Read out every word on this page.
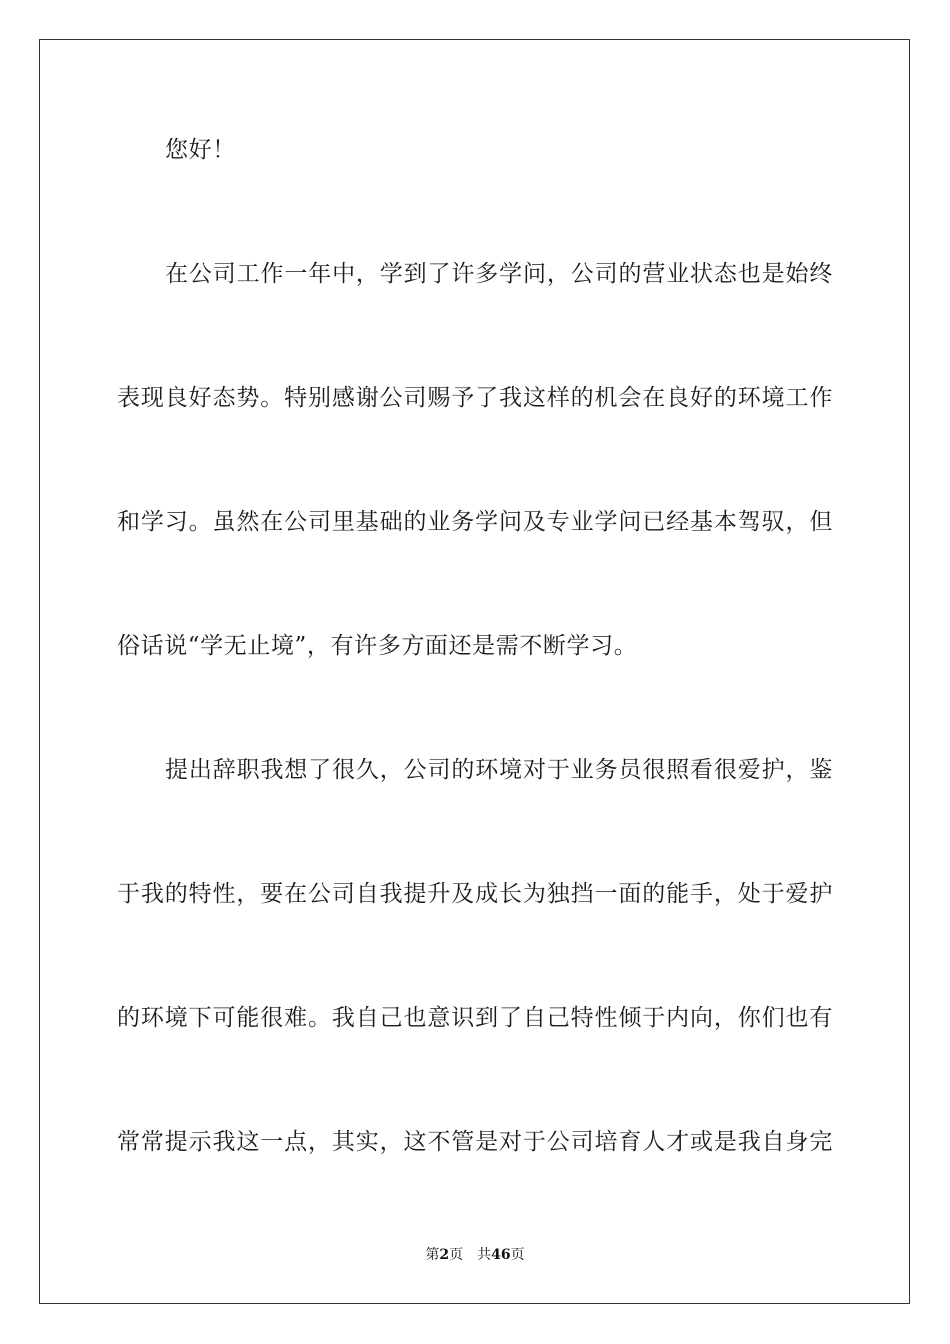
您好！
在公司工作一年中，学到了许多学问，公司的营业状态也是始终
表现良好态势。特别感谢公司赐予了我这样的机会在良好的环境工作
和学习。虽然在公司里基础的业务学问及专业学问已经基本驾驭，但
俗话说“学无止境”，有许多方面还是需不断学习。
提出辞职我想了很久，公司的环境对于业务员很照看很爱护，鉴
于我的特性，要在公司自我提升及成长为独挡一面的能手，处于爱护
的环境下可能很难。我自己也意识到了自己特性倾于内向，你们也有
常常提示我这一点，其实，这不管是对于公司培育人才或是我自身完
第2页 共46页
